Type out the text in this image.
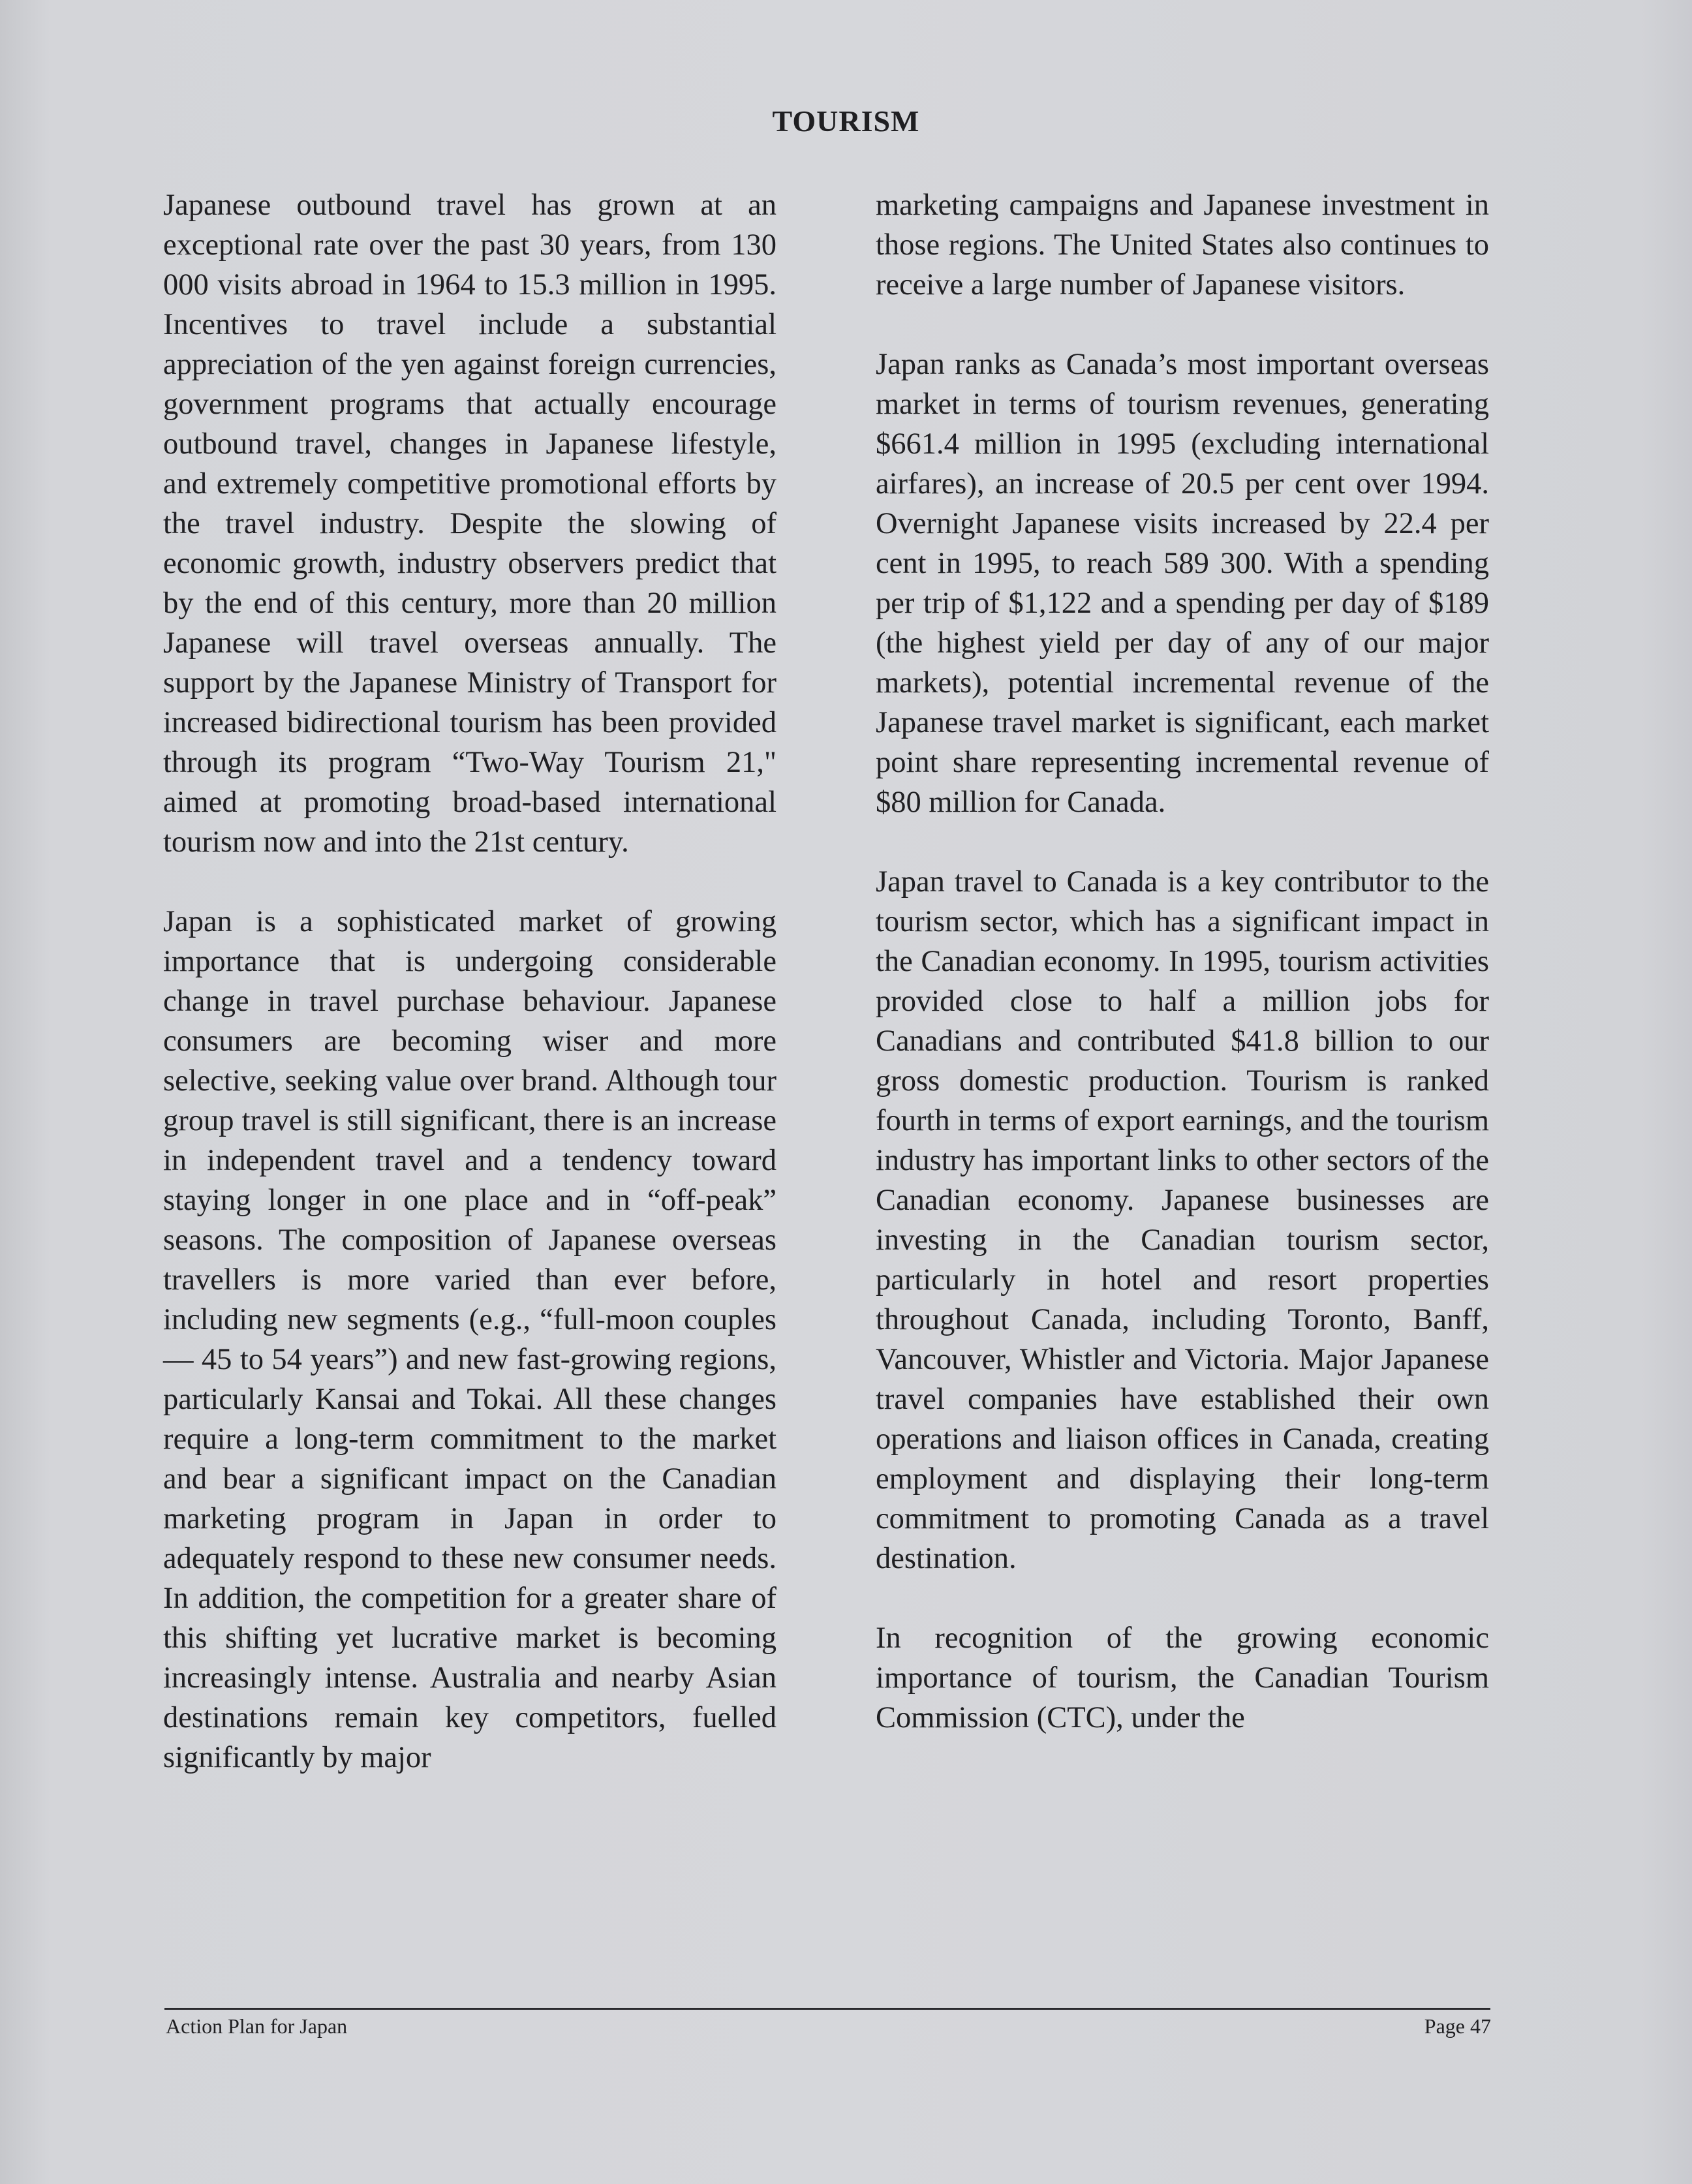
TOURISM

Japanese outbound travel has grown at an exceptional rate over the past 30 years, from 130 000 visits abroad in 1964 to 15.3 million in 1995. Incentives to travel include a substantial appreciation of the yen against foreign currencies, government programs that actually encourage outbound travel, changes in Japanese lifestyle, and extremely competitive promotional efforts by the travel industry. Despite the slowing of economic growth, industry observers predict that by the end of this century, more than 20 million Japanese will travel overseas annually. The support by the Japanese Ministry of Transport for increased bidirectional tourism has been provided through its program “Two-Way Tourism 21," aimed at promoting broad-based international tourism now and into the 21st century.

Japan is a sophisticated market of growing importance that is undergoing considerable change in travel purchase behaviour. Japanese consumers are becoming wiser and more selective, seeking value over brand. Although tour group travel is still significant, there is an increase in independent travel and a tendency toward staying longer in one place and in “off-peak” seasons. The composition of Japanese overseas travellers is more varied than ever before, including new segments (e.g., “full-moon couples — 45 to 54 years”) and new fast-growing regions, particularly Kansai and Tokai. All these changes require a long-term commitment to the market and bear a significant impact on the Canadian marketing program in Japan in order to adequately respond to these new consumer needs. In addition, the competition for a greater share of this shifting yet lucrative market is becoming increasingly intense. Australia and nearby Asian destinations remain key competitors, fuelled significantly by major

marketing campaigns and Japanese investment in those regions. The United States also continues to receive a large number of Japanese visitors.

Japan ranks as Canada’s most important overseas market in terms of tourism revenues, generating $661.4 million in 1995 (excluding international airfares), an increase of 20.5 per cent over 1994. Overnight Japanese visits increased by 22.4 per cent in 1995, to reach 589 300. With a spending per trip of $1,122 and a spending per day of $189 (the highest yield per day of any of our major markets), potential incremental revenue of the Japanese travel market is significant, each market point share representing incremental revenue of $80 million for Canada.

Japan travel to Canada is a key contributor to the tourism sector, which has a significant impact in the Canadian economy. In 1995, tourism activities provided close to half a million jobs for Canadians and contributed $41.8 billion to our gross domestic production. Tourism is ranked fourth in terms of export earnings, and the tourism industry has important links to other sectors of the Canadian economy. Japanese businesses are investing in the Canadian tourism sector, particularly in hotel and resort properties throughout Canada, including Toronto, Banff, Vancouver, Whistler and Victoria. Major Japanese travel companies have established their own operations and liaison offices in Canada, creating employment and displaying their long-term commitment to promoting Canada as a travel destination.

In recognition of the growing economic importance of tourism, the Canadian Tourism Commission (CTC), under the

Action Plan for Japan	Page 47
